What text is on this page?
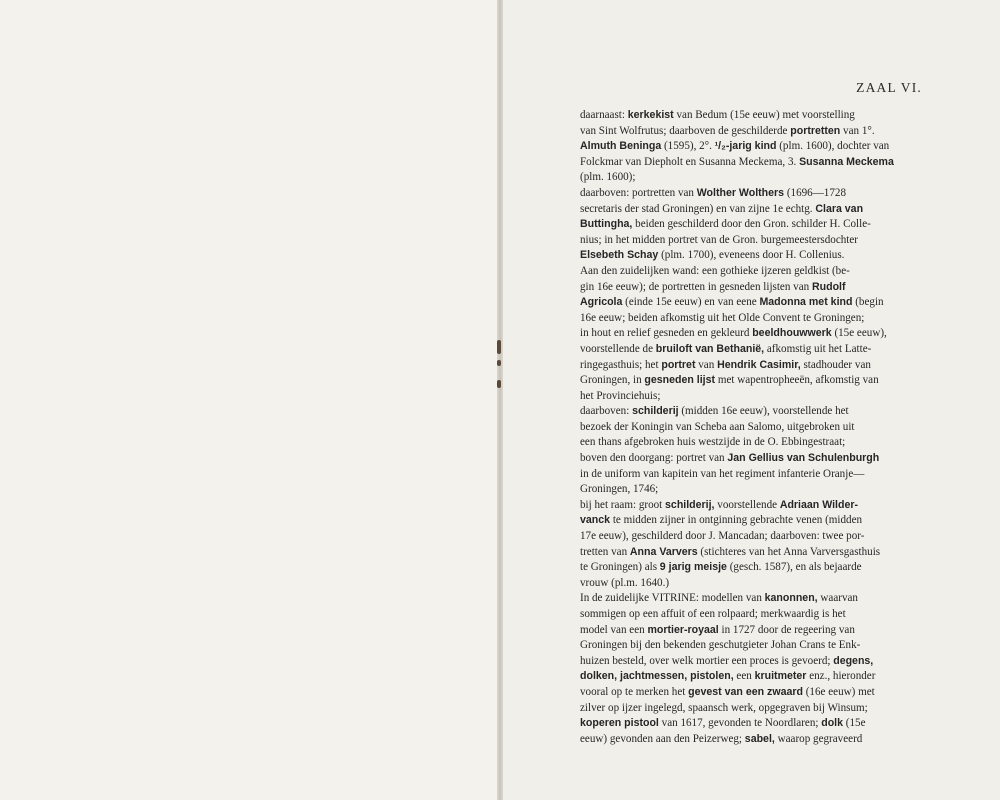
ZAAL VI.
daarnaast: kerkekist van Bedum (15e eeuw) met voorstelling
van Sint Wolfrutus; daarboven de geschilderde portretten van 1°.
Almuth Beninga (1595), 2°. ¹/₂-jarig kind (plm. 1600), dochter van
Folckmar van Diepholt en Susanna Meckema, 3. Susanna Meckema
(plm. 1600);
daarboven: portretten van Wolther Wolthers (1696—1728
secretaris der stad Groningen) en van zijne 1e echtg. Clara van
Buttingha, beiden geschilderd door den Gron. schilder H. Colle-
nius; in het midden portret van de Gron. burgemeestersdochter
Elsebeth Schay (plm. 1700), eveneens door H. Collenius.
Aan den zuidelijken wand: een gothieke ijzeren geldkist (be-
gin 16e eeuw); de portretten in gesneden lijsten van Rudolf
Agricola (einde 15e eeuw) en van eene Madonna met kind (begin
16e eeuw; beiden afkomstig uit het Olde Convent te Groningen;
in hout en relief gesneden en gekleurd beeldhouwwerk (15e eeuw),
voorstellende de bruiloft van Bethanië, afkomstig uit het Latte-
ringegasthuis; het portret van Hendrik Casimir, stadhouder van
Groningen, in gesneden lijst met wapentropheeën, afkomstig van
het Provinciehuis;
daarboven: schilderij (midden 16e eeuw), voorstellende het
bezoek der Koningin van Scheba aan Salomo, uitgebroken uit
een thans afgebroken huis westzijde in de O. Ebbingestraat;
boven den doorgang: portret van Jan Gellius van Schulenburgh
in de uniform van kapitein van het regiment infanterie Oranje—
Groningen, 1746;
bij het raam: groot schilderij, voorstellende Adriaan Wilder-
vanck te midden zijner in ontginning gebrachte venen (midden
17e eeuw), geschilderd door J. Mancadan; daarboven: twee por-
tretten van Anna Varvers (stichteres van het Anna Varversgasthuis
te Groningen) als 9 jarig meisje (gesch. 1587), en als bejaarde
vrouw (pl.m. 1640.)
In de zuidelijke VITRINE: modellen van kanonnen, waarvan
sommigen op een affuit of een rolpaard; merkwaardig is het
model van een mortier-royaal in 1727 door de regeering van
Groningen bij den bekenden geschutgieter Johan Crans te Enk-
huizen besteld, over welk mortier een proces is gevoerd; degens,
dolken, jachtmessen, pistolen, een kruitmeter enz., hieronder
vooral op te merken het gevest van een zwaard (16e eeuw) met
zilver op ijzer ingelegd, spaansch werk, opgegraven bij Winsum;
koperen pistool van 1617, gevonden te Noordlaren; dolk (15e
eeuw) gevonden aan den Peizerweg; sabel, waarop gegraveerd
